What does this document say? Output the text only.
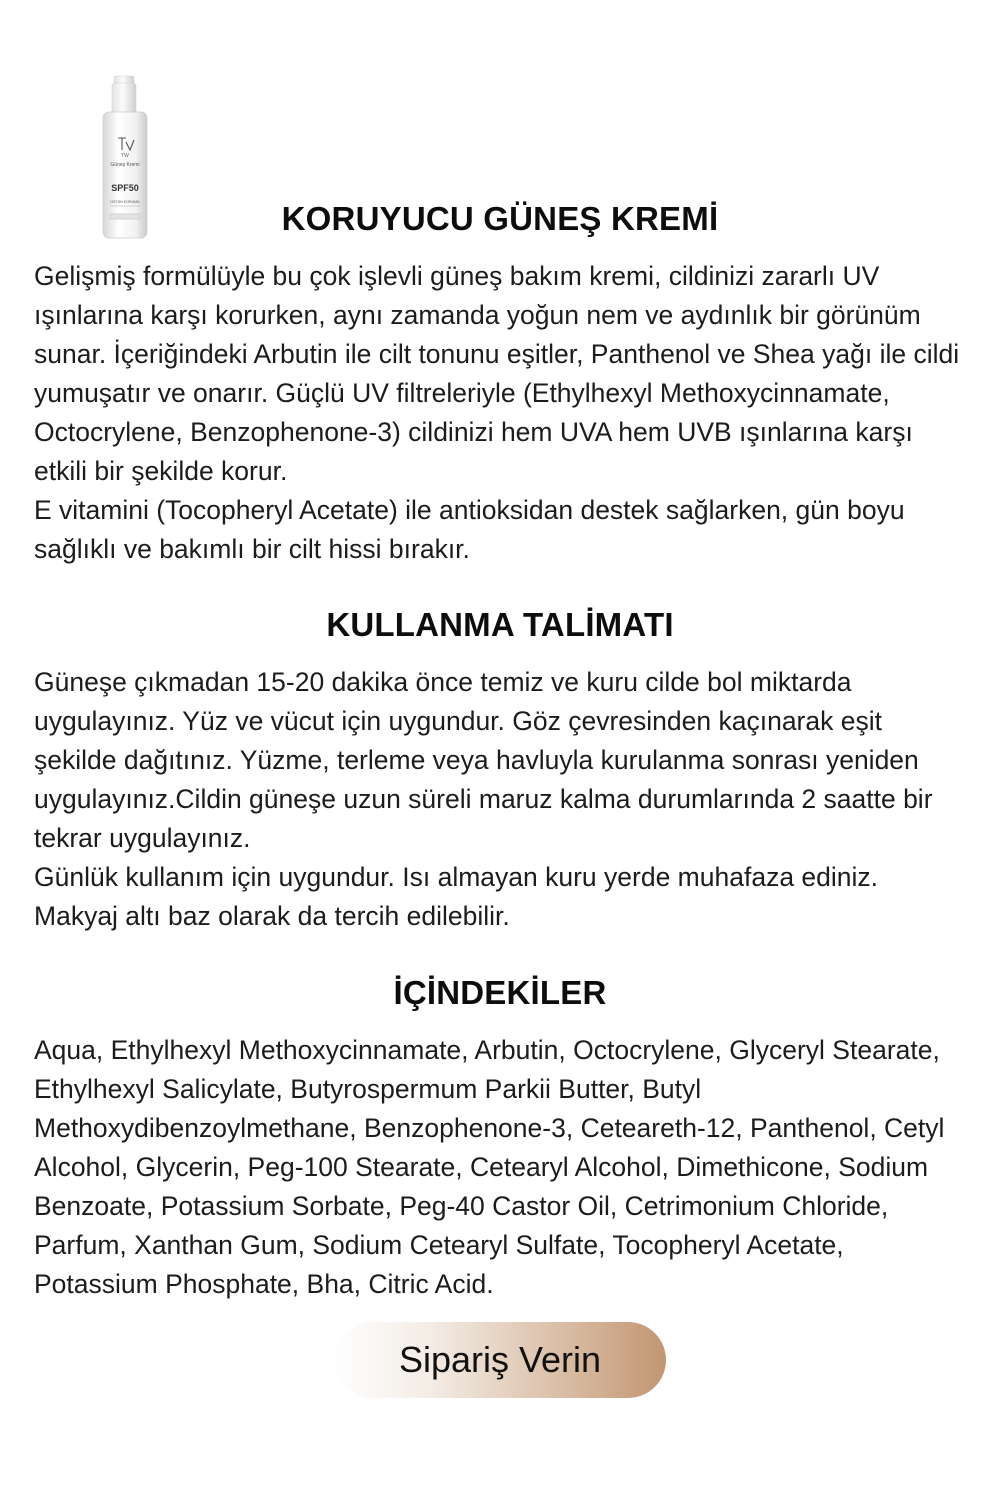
Güneş Kremi
SPF50
ÜSTÜN KORUMA
TW
KORUYUCU GÜNEŞ KREMİ

Gelişmiş formülüyle bu çok işlevli güneş bakım kremi, cildinizi zararlı UV ışınlarına karşı korurken, aynı zamanda yoğun nem ve aydınlık bir görünüm sunar. İçeriğindeki Arbutin ile cilt tonunu eşitler, Panthenol ve Shea yağı ile cildi yumuşatır ve onarır. Güçlü UV filtreleriyle (Ethylhexyl Methoxycinnamate, Octocrylene, Benzophenone-3) cildinizi hem UVA hem UVB ışınlarına karşı etkili bir şekilde korur.

E vitamini (Tocopheryl Acetate) ile antioksidan destek sağlarken, gün boyu sağlıklı ve bakımlı bir cilt hissi bırakır.

KULLANMA TALİMATI

Güneşe çıkmadan 15-20 dakika önce temiz ve kuru cilde bol miktarda uygulayınız. Yüz ve vücut için uygundur. Göz çevresinden kaçınarak eşit şekilde dağıtınız. Yüzme, terleme veya havluyla kurulanma sonrası yeniden uygulayınız.Cildin güneşe uzun süreli maruz kalma durumlarında 2 saatte bir tekrar uygulayınız.

Günlük kullanım için uygundur. Isı almayan kuru yerde muhafaza ediniz. Makyaj altı baz olarak da tercih edilebilir.

İÇİNDEKİLER

Aqua, Ethylhexyl Methoxycinnamate, Arbutin, Octocrylene, Glyceryl Stearate, Ethylhexyl Salicylate, Butyrospermum Parkii Butter, Butyl Methoxydibenzoylmethane, Benzophenone-3, Ceteareth-12, Panthenol, Cetyl Alcohol, Glycerin, Peg-100 Stearate, Cetearyl Alcohol, Dimethicone, Sodium Benzoate, Potassium Sorbate, Peg-40 Castor Oil, Cetrimonium Chloride, Parfum, Xanthan Gum, Sodium Cetearyl Sulfate, Tocopheryl Acetate, Potassium Phosphate, Bha, Citric Acid.

Sipariş Verin
